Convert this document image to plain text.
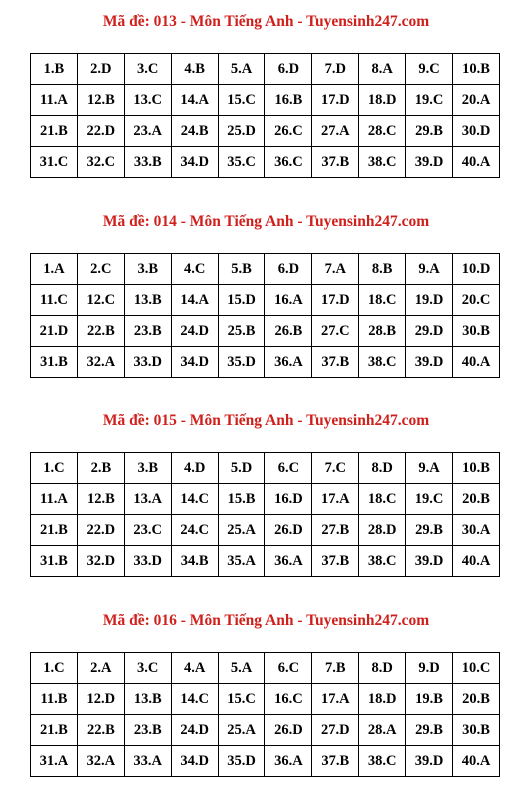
Mã đề: 013 - Môn Tiếng Anh - Tuyensinh247.com
1.B	2.D	3.C	4.B	5.A	6.D	7.D	8.A	9.C	10.B
11.A	12.B	13.C	14.A	15.C	16.B	17.D	18.D	19.C	20.A
21.B	22.D	23.A	24.B	25.D	26.C	27.A	28.C	29.B	30.D
31.C	32.C	33.B	34.D	35.C	36.C	37.B	38.C	39.D	40.A
Mã đề: 014 - Môn Tiếng Anh - Tuyensinh247.com
1.A	2.C	3.B	4.C	5.B	6.D	7.A	8.B	9.A	10.D
11.C	12.C	13.B	14.A	15.D	16.A	17.D	18.C	19.D	20.C
21.D	22.B	23.B	24.D	25.B	26.B	27.C	28.B	29.D	30.B
31.B	32.A	33.D	34.D	35.D	36.A	37.B	38.C	39.D	40.A
Mã đề: 015 - Môn Tiếng Anh - Tuyensinh247.com
1.C	2.B	3.B	4.D	5.D	6.C	7.C	8.D	9.A	10.B
11.A	12.B	13.A	14.C	15.B	16.D	17.A	18.C	19.C	20.B
21.B	22.D	23.C	24.C	25.A	26.D	27.B	28.D	29.B	30.A
31.B	32.D	33.D	34.B	35.A	36.A	37.B	38.C	39.D	40.A
Mã đề: 016 - Môn Tiếng Anh - Tuyensinh247.com
1.C	2.A	3.C	4.A	5.A	6.C	7.B	8.D	9.D	10.C
11.B	12.D	13.B	14.C	15.C	16.C	17.A	18.D	19.B	20.B
21.B	22.B	23.B	24.D	25.A	26.D	27.D	28.A	29.B	30.B
31.A	32.A	33.A	34.D	35.D	36.A	37.B	38.C	39.D	40.A
